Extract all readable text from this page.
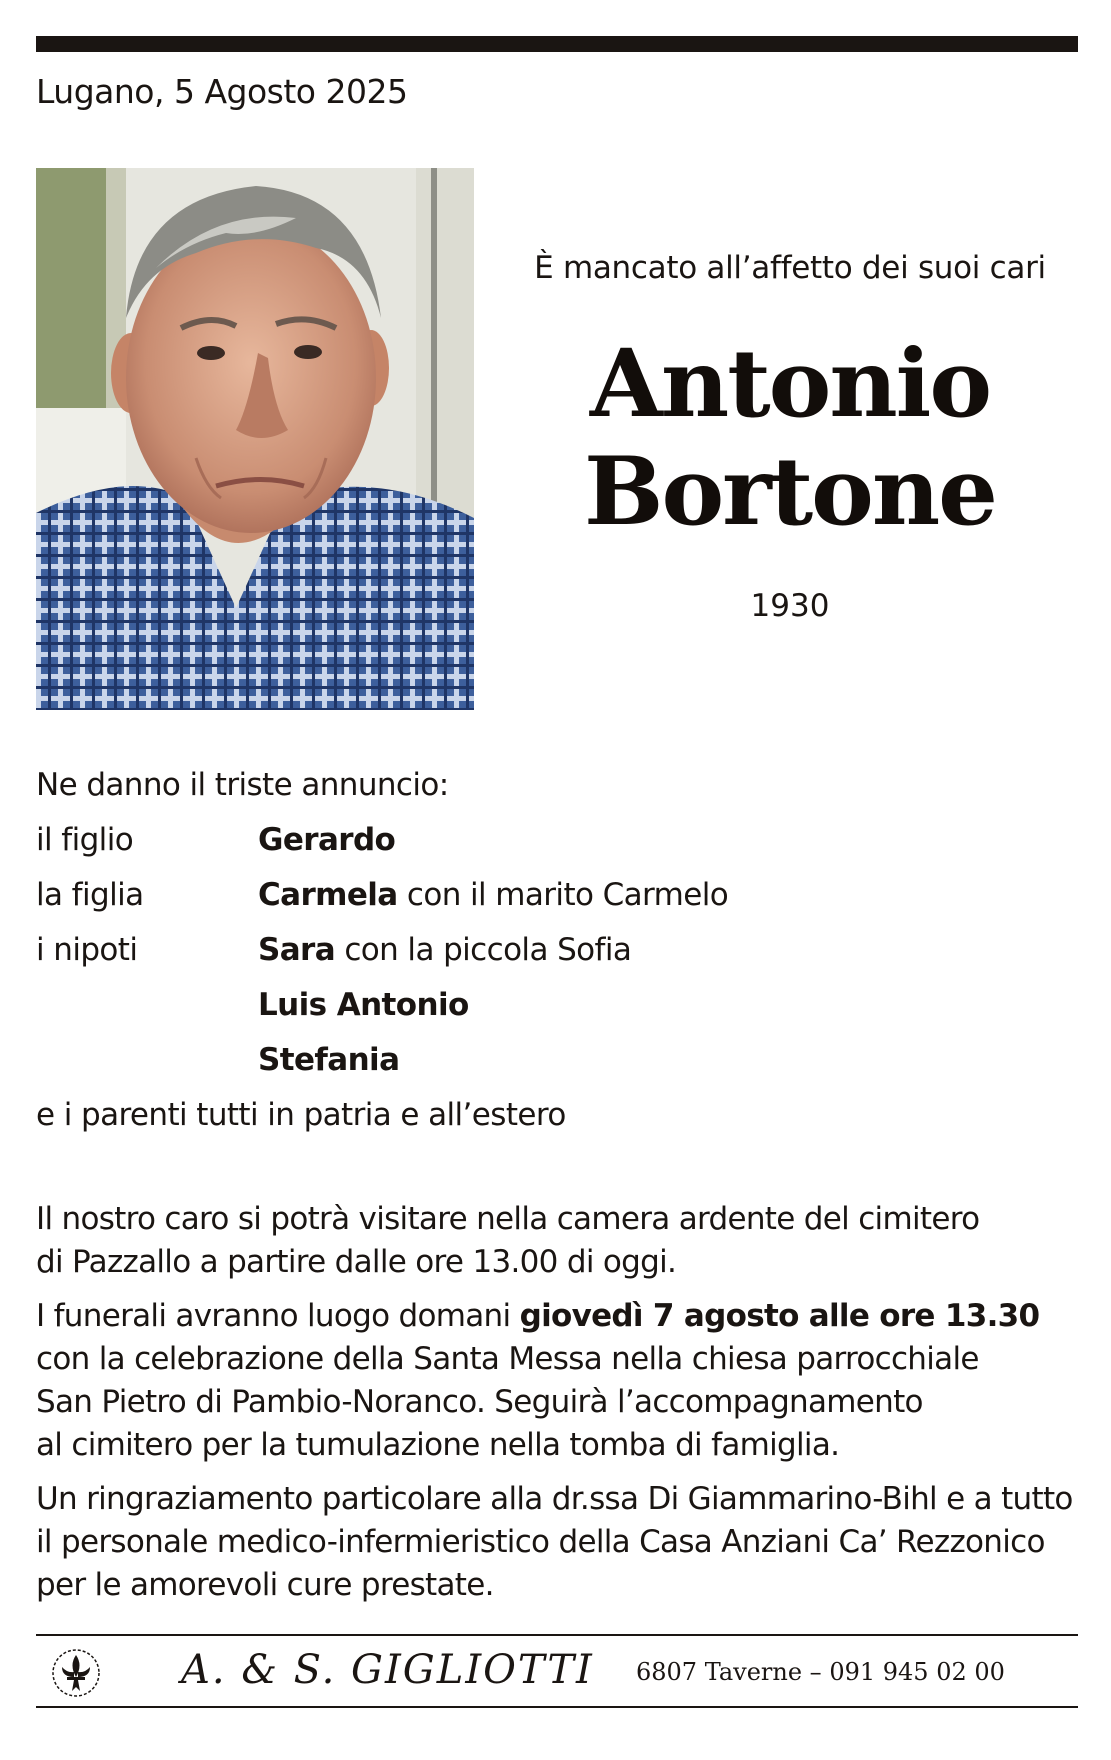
Lugano, 5 Agosto 2025
È mancato all’affetto dei suoi cari
Antonio
Bortone
1930
Ne danno il triste annuncio:
il figlio	Gerardo
la figlia	Carmela con il marito Carmelo
i nipoti	Sara con la piccola Sofia
Luis Antonio
Stefania
e i parenti tutti in patria e all’estero

Il nostro caro si potrà visitare nella camera ardente del cimitero
di Pazzallo a partire dalle ore 13.00 di oggi.

I funerali avranno luogo domani giovedì 7 agosto alle ore 13.30
con la celebrazione della Santa Messa nella chiesa parrocchiale
San Pietro di Pambio-Noranco. Seguirà l’accompagnamento
al cimitero per la tumulazione nella tomba di famiglia.

Un ringraziamento particolare alla dr.ssa Di Giammarino-Bihl e a tutto
il personale medico-infermieristico della Casa Anziani Ca’ Rezzonico
per le amorevoli cure prestate.

A. & S. GIGLIOTTI 6807 Taverne – 091 945 02 00
